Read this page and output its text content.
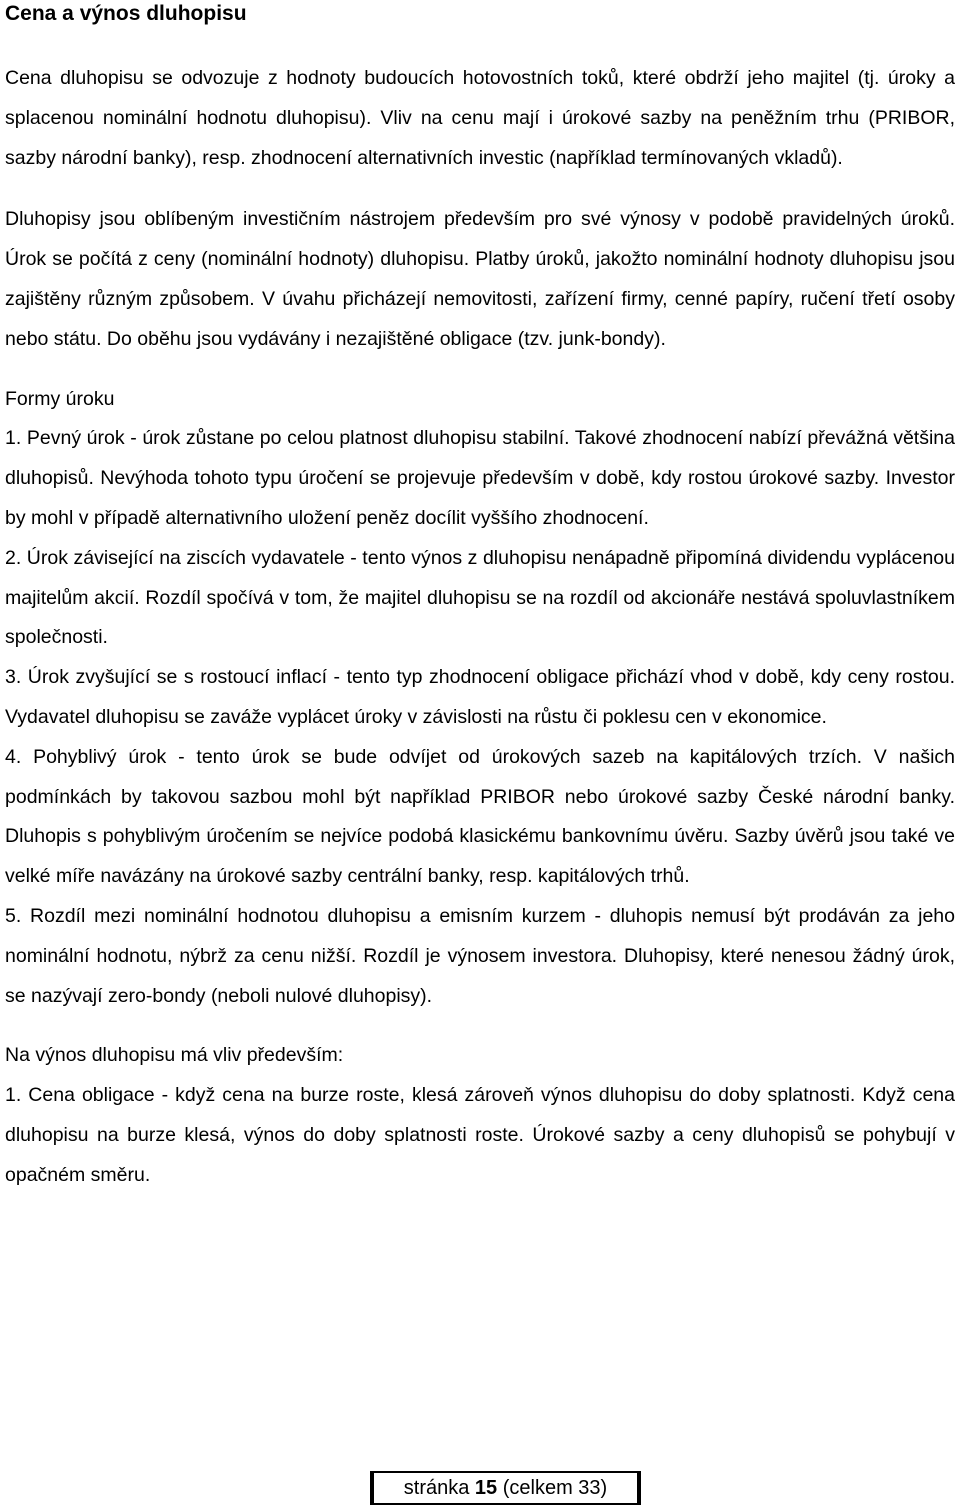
Cena a výnos dluhopisu

Cena dluhopisu se odvozuje z hodnoty budoucích hotovostních toků, které obdrží jeho majitel (tj. úroky a splacenou nominální hodnotu dluhopisu). Vliv na cenu mají i úrokové sazby na peněžním trhu (PRIBOR, sazby národní banky), resp. zhodnocení alternativních investic (například termínovaných vkladů).

Dluhopisy jsou oblíbeným investičním nástrojem především pro své výnosy v podobě pravidelných úroků. Úrok se počítá z ceny (nominální hodnoty) dluhopisu. Platby úroků, jakožto nominální hodnoty dluhopisu jsou zajištěny různým způsobem. V úvahu přicházejí nemovitosti, zařízení firmy, cenné papíry, ručení třetí osoby nebo státu. Do oběhu jsou vydávány i nezajištěné obligace (tzv. junk-bondy).

Formy úroku

1. Pevný úrok - úrok zůstane po celou platnost dluhopisu stabilní. Takové zhodnocení nabízí převážná většina dluhopisů. Nevýhoda tohoto typu úročení se projevuje především v době, kdy rostou úrokové sazby. Investor by mohl v případě alternativního uložení peněz docílit vyššího zhodnocení.

2. Úrok závisející na ziscích vydavatele - tento výnos z dluhopisu nenápadně připomíná dividendu vyplácenou majitelům akcií. Rozdíl spočívá v tom, že majitel dluhopisu se na rozdíl od akcionáře nestává spoluvlastníkem společnosti.

3. Úrok zvyšující se s rostoucí inflací - tento typ zhodnocení obligace přichází vhod v době, kdy ceny rostou. Vydavatel dluhopisu se zaváže vyplácet úroky v závislosti na růstu či poklesu cen v ekonomice.

4. Pohyblivý úrok - tento úrok se bude odvíjet od úrokových sazeb na kapitálových trzích. V našich podmínkách by takovou sazbou mohl být například PRIBOR nebo úrokové sazby České národní banky. Dluhopis s pohyblivým úročením se nejvíce podobá klasickému bankovnímu úvěru. Sazby úvěrů jsou také ve velké míře navázány na úrokové sazby centrální banky, resp. kapitálových trhů.

5. Rozdíl mezi nominální hodnotou dluhopisu a emisním kurzem - dluhopis nemusí být prodáván za jeho nominální hodnotu, nýbrž za cenu nižší. Rozdíl je výnosem investora. Dluhopisy, které nenesou žádný úrok, se nazývají zero-bondy (neboli nulové dluhopisy).

Na výnos dluhopisu má vliv především:

1. Cena obligace - když cena na burze roste, klesá zároveň výnos dluhopisu do doby splatnosti. Když cena dluhopisu na burze klesá, výnos do doby splatnosti roste. Úrokové sazby a ceny dluhopisů se pohybují v opačném směru.

stránka 15 (celkem 33)
